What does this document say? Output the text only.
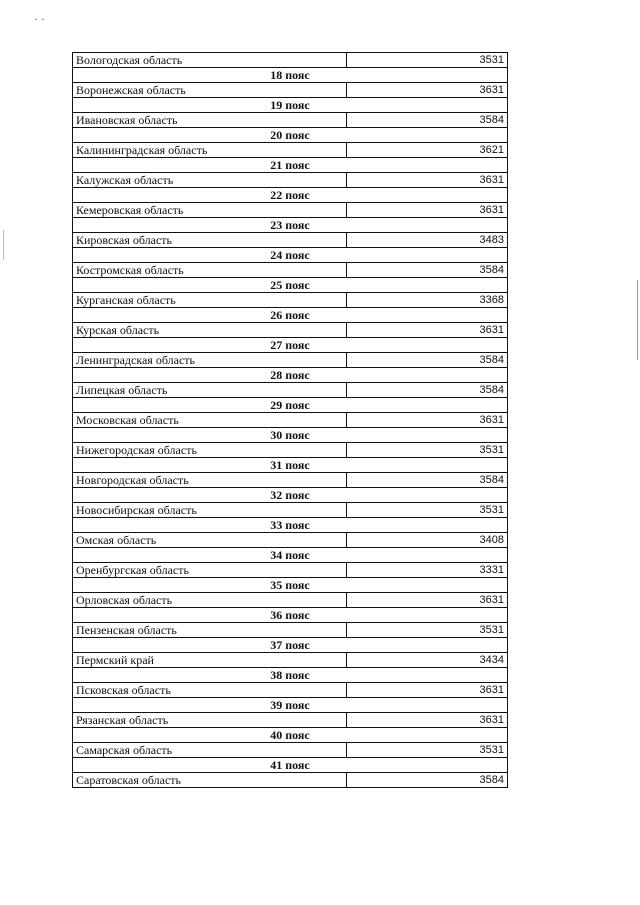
· ·
Вологодская область	3531
18 пояс	
Воронежская область	3631
19 пояс	
Ивановская область	3584
20 пояс	
Калининградская область	3621
21 пояс	
Калужская область	3631
22 пояс	
Кемеровская область	3631
23 пояс	
Кировская область	3483
24 пояс	
Костромская область	3584
25 пояс	
Курганская область	3368
26 пояс	
Курская область	3631
27 пояс	
Ленинградская область	3584
28 пояс	
Липецкая область	3584
29 пояс	
Московская область	3631
30 пояс	
Нижегородская область	3531
31 пояс	
Новгородская область	3584
32 пояс	
Новосибирская область	3531
33 пояс	
Омская область	3408
34 пояс	
Оренбургская область	3331
35 пояс	
Орловская область	3631
36 пояс	
Пензенская область	3531
37 пояс	
Пермский край	3434
38 пояс	
Псковская область	3631
39 пояс	
Рязанская область	3631
40 пояс	
Самарская область	3531
41 пояс	
Саратовская область	3584
